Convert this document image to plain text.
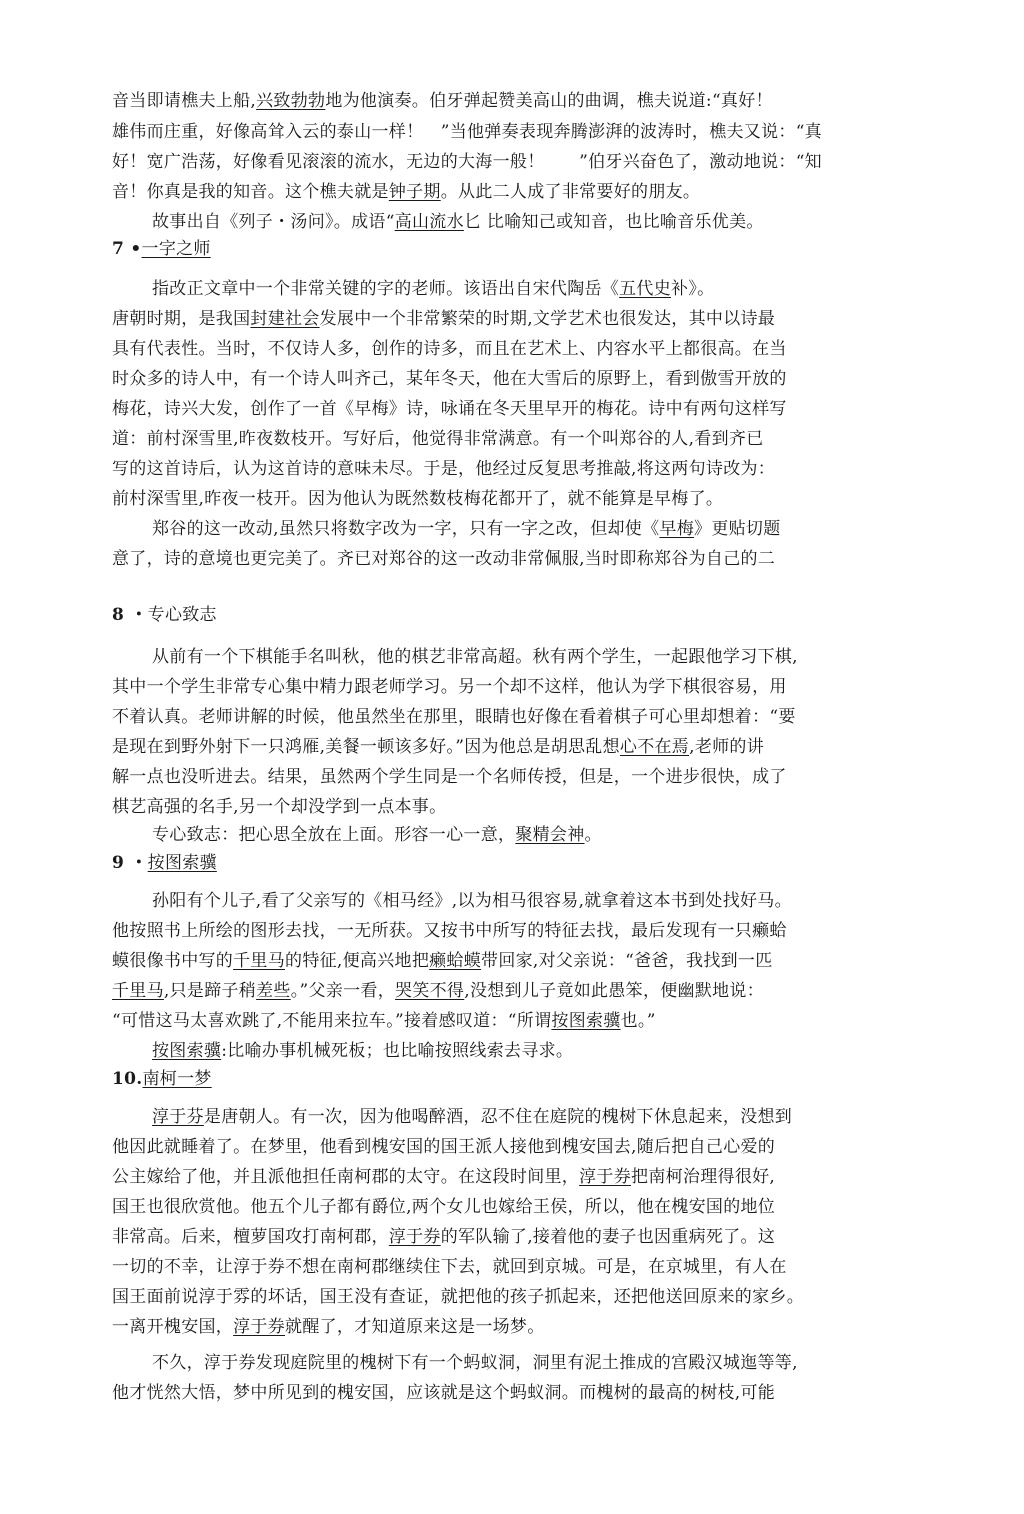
音当即请樵夫上船,兴致勃勃地为他演奏。伯牙弹起赞美高山的曲调，樵夫说道:“真好！
雄伟而庄重，好像高耸入云的泰山一样！　”当他弹奏表现奔腾澎湃的波涛时，樵夫又说：“真
好！宽广浩荡，好像看见滚滚的流水，无边的大海一般！　　”伯牙兴奋色了，激动地说：“知
音！你真是我的知音。这个樵夫就是钟子期。从此二人成了非常要好的朋友。
故事出自《列子・汤问》。成语“高山流水匕 比喻知己或知音，也比喻音乐优美。
7 •一字之师
指改正文章中一个非常关键的字的老师。该语出自宋代陶岳《五代史补》。
唐朝时期，是我国封建社会发展中一个非常繁荣的时期,文学艺术也很发达，其中以诗最
具有代表性。当时，不仅诗人多，创作的诗多，而且在艺术上、内容水平上都很高。在当
时众多的诗人中，有一个诗人叫齐己，某年冬天，他在大雪后的原野上，看到傲雪开放的
梅花，诗兴大发，创作了一首《早梅》诗，咏诵在冬天里早开的梅花。诗中有两句这样写
道：前村深雪里,昨夜数枝开。写好后，他觉得非常满意。有一个叫郑谷的人,看到齐已
写的这首诗后，认为这首诗的意味未尽。于是，他经过反复思考推敲,将这两句诗改为：
前村深雪里,昨夜一枝开。因为他认为既然数枝梅花都开了，就不能算是早梅了。
郑谷的这一改动,虽然只将数字改为一字，只有一字之改，但却使《早梅》更贴切题
意了，诗的意境也更完美了。齐已对郑谷的这一改动非常佩服,当时即称郑谷为自己的二
8 ・专心致志
从前有一个下棋能手名叫秋，他的棋艺非常高超。秋有两个学生，一起跟他学习下棋,
其中一个学生非常专心集中精力跟老师学习。另一个却不这样，他认为学下棋很容易，用
不着认真。老师讲解的时候，他虽然坐在那里，眼睛也好像在看着棋子可心里却想着：“要
是现在到野外射下一只鸿雁,美餐一顿该多好。”因为他总是胡思乱想心不在焉,老师的讲
解一点也没听进去。结果，虽然两个学生同是一个名师传授，但是，一个进步很快，成了
棋艺高强的名手,另一个却没学到一点本事。
专心致志：把心思全放在上面。形容一心一意，聚精会神。
9 ・按图索骥
孙阳有个儿子,看了父亲写的《相马经》,以为相马很容易,就拿着这本书到处找好马。
他按照书上所绘的图形去找，一无所获。又按书中所写的特征去找，最后发现有一只癞蛤
蟆很像书中写的千里马的特征,便高兴地把癞蛤蟆带回家,对父亲说：“爸爸，我找到一匹
千里马,只是蹄子稍差些。”父亲一看，哭笑不得,没想到儿子竟如此愚笨，便幽默地说：
“可惜这马太喜欢跳了,不能用来拉车。”接着感叹道：“所谓按图索骥也。”
按图索骥:比喻办事机械死板；也比喻按照线索去寻求。
10.南柯一梦
淳于芬是唐朝人。有一次，因为他喝醉酒，忍不住在庭院的槐树下休息起来，没想到
他因此就睡着了。在梦里，他看到槐安国的国王派人接他到槐安国去,随后把自己心爱的
公主嫁给了他，并且派他担任南柯郡的太守。在这段时间里，淳于券把南柯治理得很好,
国王也很欣赏他。他五个儿子都有爵位,两个女儿也嫁给王侯，所以，他在槐安国的地位
非常高。后来，檀萝国攻打南柯郡，淳于券的军队输了,接着他的妻子也因重病死了。这
一切的不幸，让淳于券不想在南柯郡继续住下去，就回到京城。可是，在京城里，有人在
国王面前说淳于雰的坏话，国王没有查证，就把他的孩子抓起来，还把他送回原来的家乡。
一离开槐安国，淳于券就醒了，才知道原来这是一场梦。
不久，淳于券发现庭院里的槐树下有一个蚂蚁洞，洞里有泥土推成的宫殿汉城迤等等,
他才恍然大悟，梦中所见到的槐安国，应该就是这个蚂蚁洞。而槐树的最高的树枝,可能
